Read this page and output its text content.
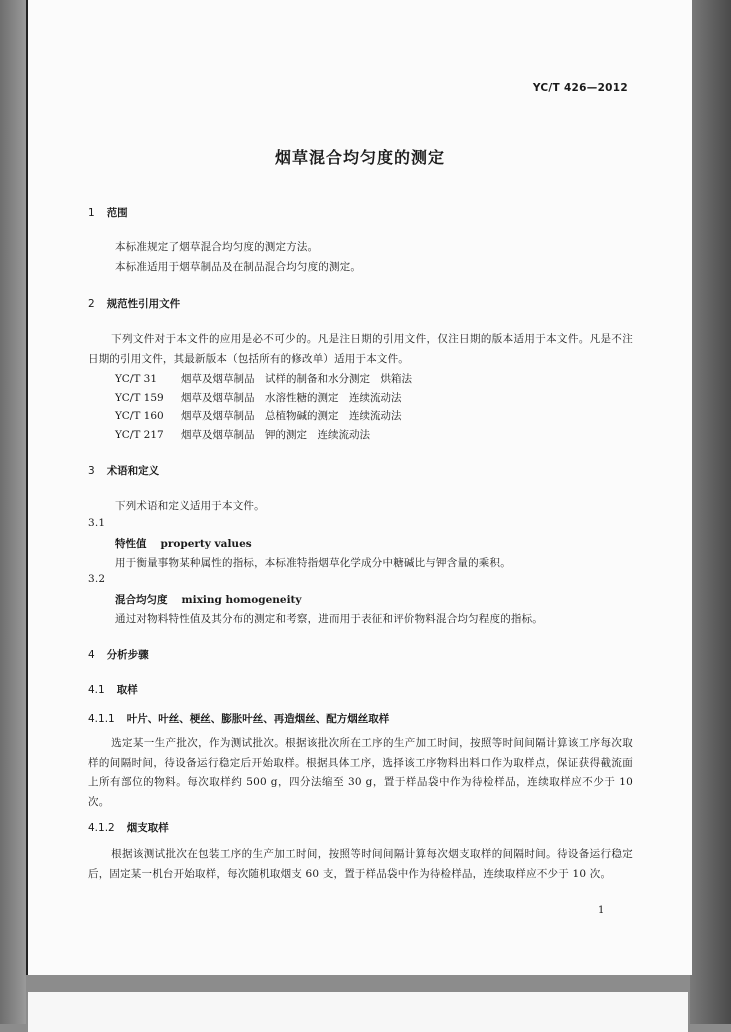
YC/T 426—2012
烟草混合均匀度的测定
1 范围
本标准规定了烟草混合均匀度的测定方法。
本标准适用于烟草制品及在制品混合均匀度的测定。
2 规范性引用文件
下列文件对于本文件的应用是必不可少的。凡是注日期的引用文件，仅注日期的版本适用于本文件。凡是不注日期的引用文件，其最新版本（包括所有的修改单）适用于本文件。
YC/T 31 烟草及烟草制品　试样的制备和水分测定　烘箱法
YC/T 159 烟草及烟草制品　水溶性糖的测定　连续流动法
YC/T 160 烟草及烟草制品　总植物碱的测定　连续流动法
YC/T 217 烟草及烟草制品　钾的测定　连续流动法
3 术语和定义
下列术语和定义适用于本文件。
3.1
特性值 property values
用于衡量事物某种属性的指标，本标准特指烟草化学成分中糖碱比与钾含量的乘积。
3.2
混合均匀度 mixing homogeneity
通过对物料特性值及其分布的测定和考察，进而用于表征和评价物料混合均匀程度的指标。
4 分析步骤
4.1 取样
4.1.1 叶片、叶丝、梗丝、膨胀叶丝、再造烟丝、配方烟丝取样
选定某一生产批次，作为测试批次。根据该批次所在工序的生产加工时间，按照等时间间隔计算该工序每次取样的间隔时间，待设备运行稳定后开始取样。根据具体工序，选择该工序物料出料口作为取样点，保证获得截流面上所有部位的物料。每次取样约 500 g，四分法缩至 30 g，置于样品袋中作为待检样品，连续取样应不少于 10 次。
4.1.2 烟支取样
根据该测试批次在包装工序的生产加工时间，按照等时间间隔计算每次烟支取样的间隔时间。待设备运行稳定后，固定某一机台开始取样，每次随机取烟支 60 支，置于样品袋中作为待检样品，连续取样应不少于 10 次。
1
